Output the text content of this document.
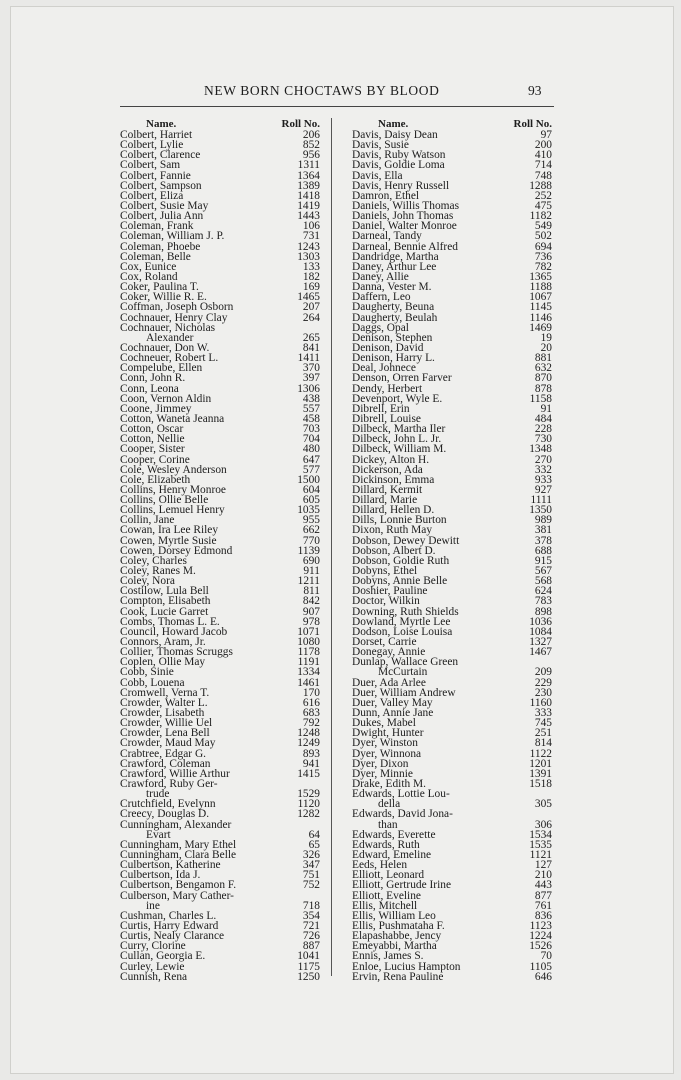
NEW BORN CHOCTAWS BY BLOOD	93
Name.	Roll No.
Colbert, Harriet	206
Colbert, Lylie	852
Colbert, Clarence	956
Colbert, Sam	1311
Colbert, Fannie	1364
Colbert, Sampson	1389
Colbert, Eliza	1418
Colbert, Susie May	1419
Colbert, Julia Ann	1443
Coleman, Frank	106
Coleman, William J. P.	731
Coleman, Phoebe	1243
Coleman, Belle	1303
Cox, Eunice	133
Cox, Roland	182
Coker, Paulina T.	169
Coker, Willie R. E.	1465
Coffman, Joseph Osborn	207
Cochnauer, Henry Clay	264
Cochnauer, Nicholas
Alexander	265
Cochnauer, Don W.	841
Cochneuer, Robert L.	1411
Compelube, Ellen	370
Conn, John R.	397
Conn, Leona	1306
Coon, Vernon Aldin	438
Coone, Jimmey	557
Cotton, Waneta Jeanna	458
Cotton, Oscar	703
Cotton, Nellie	704
Cooper, Sister	480
Cooper, Corine	647
Cole, Wesley Anderson	577
Cole, Elizabeth	1500
Collins, Henry Monroe	604
Collins, Ollie Belle	605
Collins, Lemuel Henry	1035
Collin, Jane	955
Cowan, Ira Lee Riley	662
Cowen, Myrtle Susie	770
Cowen, Dorsey Edmond	1139
Coley, Charles	690
Coley, Ranes M.	911
Coley, Nora	1211
Costilow, Lula Bell	811
Compton, Elisabeth	842
Cook, Lucie Garret	907
Combs, Thomas L. E.	978
Council, Howard Jacob	1071
Connors, Aram, Jr.	1080
Collier, Thomas Scruggs	1178
Coplen, Ollie May	1191
Cobb, Sinie	1334
Cobb, Louena	1461
Cromwell, Verna T.	170
Crowder, Walter L.	616
Crowder, Lisabeth	683
Crowder, Willie Uel	792
Crowder, Lena Bell	1248
Crowder, Maud May	1249
Crabtree, Edgar G.	893
Crawford, Coleman	941
Crawford, Willie Arthur	1415
Crawford, Ruby Ger-
trude	1529
Crutchfield, Evelynn	1120
Creecy, Douglas D.	1282
Cunningham, Alexander
Evart	64
Cunningham, Mary Ethel	65
Cunningham, Clara Belle	326
Culbertson, Katherine	347
Culbertson, Ida J.	751
Culbertson, Bengamon F.	752
Culberson, Mary Cather-
ine	718
Cushman, Charles L.	354
Curtis, Harry Edward	721
Curtis, Nealy Clarance	726
Curry, Clorine	887
Cullan, Georgia E.	1041
Curley, Lewie	1175
Cunnish, Rena	1250
Name.	Roll No.
Davis, Daisy Dean	97
Davis, Susie	200
Davis, Ruby Watson	410
Davis, Goldie Loma	714
Davis, Ella	748
Davis, Henry Russell	1288
Damron, Ethel	252
Daniels, Willis Thomas	475
Daniels, John Thomas	1182
Daniel, Walter Monroe	549
Darneal, Tandy	502
Darneal, Bennie Alfred	694
Dandridge, Martha	736
Daney, Arthur Lee	782
Daney, Allie	1365
Danna, Vester M.	1188
Daffern, Leo	1067
Daugherty, Beuna	1145
Daugherty, Beulah	1146
Daggs, Opal	1469
Denison, Stephen	19
Denison, David	20
Denison, Harry L.	881
Deal, Johnece	632
Denson, Orren Farver	870
Dendy, Herbert	878
Devenport, Wyle E.	1158
Dibrell, Erin	91
Dibrell, Louise	484
Dilbeck, Martha Iler	228
Dilbeck, John L. Jr.	730
Dilbeck, William M.	1348
Dickey, Alton H.	270
Dickerson, Ada	332
Dickinson, Emma	933
Dillard, Kermit	927
Dillard, Marie	1111
Dillard, Hellen D.	1350
Dills, Lonnie Burton	989
Dixon, Ruth May	381
Dobson, Dewey Dewitt	378
Dobson, Albert D.	688
Dobson, Goldie Ruth	915
Dobyns, Ethel	567
Dobyns, Annie Belle	568
Doshier, Pauline	624
Doctor, Wilkin	783
Downing, Ruth Shields	898
Dowland, Myrtle Lee	1036
Dodson, Loise Louisa	1084
Dorset, Carrie	1327
Donegay, Annie	1467
Dunlap, Wallace Green
McCurtain	209
Duer, Ada Arlee	229
Duer, William Andrew	230
Duer, Valley May	1160
Dunn, Annie Jane	333
Dukes, Mabel	745
Dwight, Hunter	251
Dyer, Winston	814
Dyer, Winnona	1122
Dyer, Dixon	1201
Dyer, Minnie	1391
Drake, Edith M.	1518
Edwards, Lottie Lou-
della	305
Edwards, David Jona-
than	306
Edwards, Everette	1534
Edwards, Ruth	1535
Edward, Emeline	1121
Eeds, Helen	127
Elliott, Leonard	210
Elliott, Gertrude Irine	443
Elliott, Eveline	877
Ellis, Mitchell	761
Ellis, William Leo	836
Ellis, Pushmataha F.	1123
Elapashabbe, Jency	1224
Emeyabbi, Martha	1526
Ennis, James S.	70
Enloe, Lucius Hampton	1105
Ervin, Rena Pauline	646
